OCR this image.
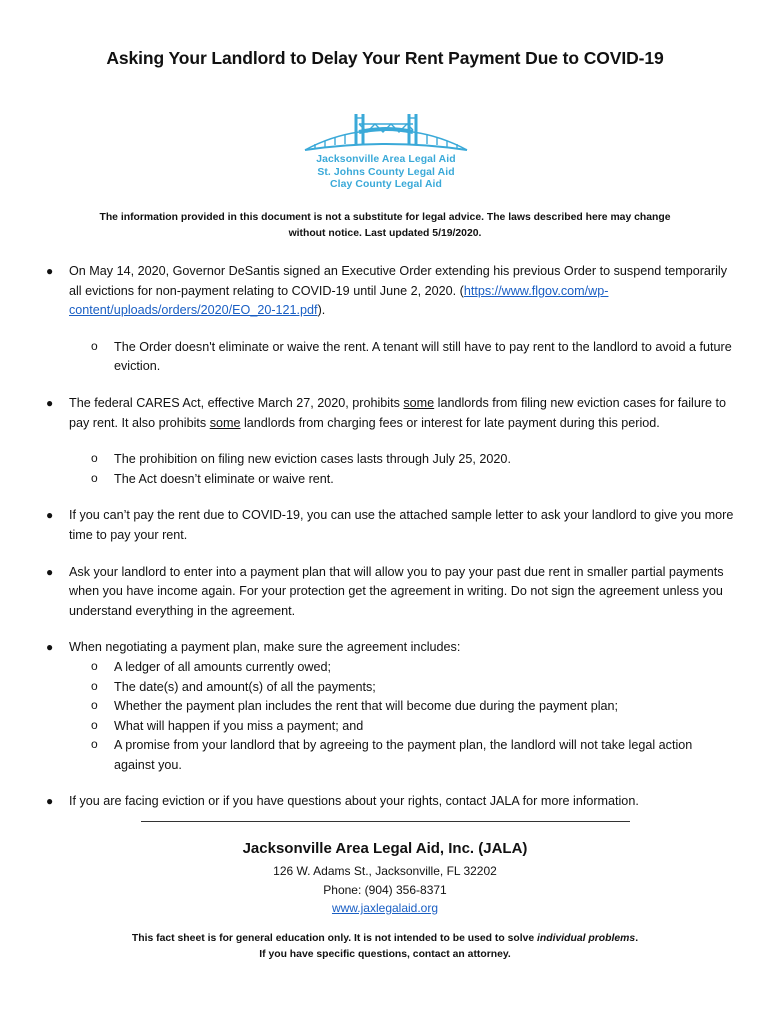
Asking Your Landlord to Delay Your Rent Payment Due to COVID-19
Jacksonville Area Legal Aid
St. Johns County Legal Aid
Clay County Legal Aid
The information provided in this document is not a substitute for legal advice. The laws described here may change
without notice. Last updated 5/19/2020.

● On May 14, 2020, Governor DeSantis signed an Executive Order extending his previous Order to suspend temporarily all evictions for non-payment relating to COVID-19 until June 2, 2020. (https://www.flgov.com/wp-content/uploads/orders/2020/EO_20-121.pdf).

o The Order doesn't eliminate or waive the rent. A tenant will still have to pay rent to the landlord to avoid a future eviction.

● The federal CARES Act, effective March 27, 2020, prohibits some landlords from filing new eviction cases for failure to pay rent. It also prohibits some landlords from charging fees or interest for late payment during this period.

o The prohibition on filing new eviction cases lasts through July 25, 2020.

o The Act doesn’t eliminate or waive rent.

● If you can’t pay the rent due to COVID-19, you can use the attached sample letter to ask your landlord to give you more time to pay your rent.

● Ask your landlord to enter into a payment plan that will allow you to pay your past due rent in smaller partial payments when you have income again. For your protection get the agreement in writing. Do not sign the agreement unless you understand everything in the agreement.

● When negotiating a payment plan, make sure the agreement includes:

o A ledger of all amounts currently owed;

o The date(s) and amount(s) of all the payments;

o Whether the payment plan includes the rent that will become due during the payment plan;

o What will happen if you miss a payment; and

o A promise from your landlord that by agreeing to the payment plan, the landlord will not take legal action against you.

● If you are facing eviction or if you have questions about your rights, contact JALA for more information.

Jacksonville Area Legal Aid, Inc. (JALA)
126 W. Adams St., Jacksonville, FL 32202
Phone: (904) 356-8371
www.jaxlegalaid.org
This fact sheet is for general education only. It is not intended to be used to solve individual problems.
If you have specific questions, contact an attorney.
